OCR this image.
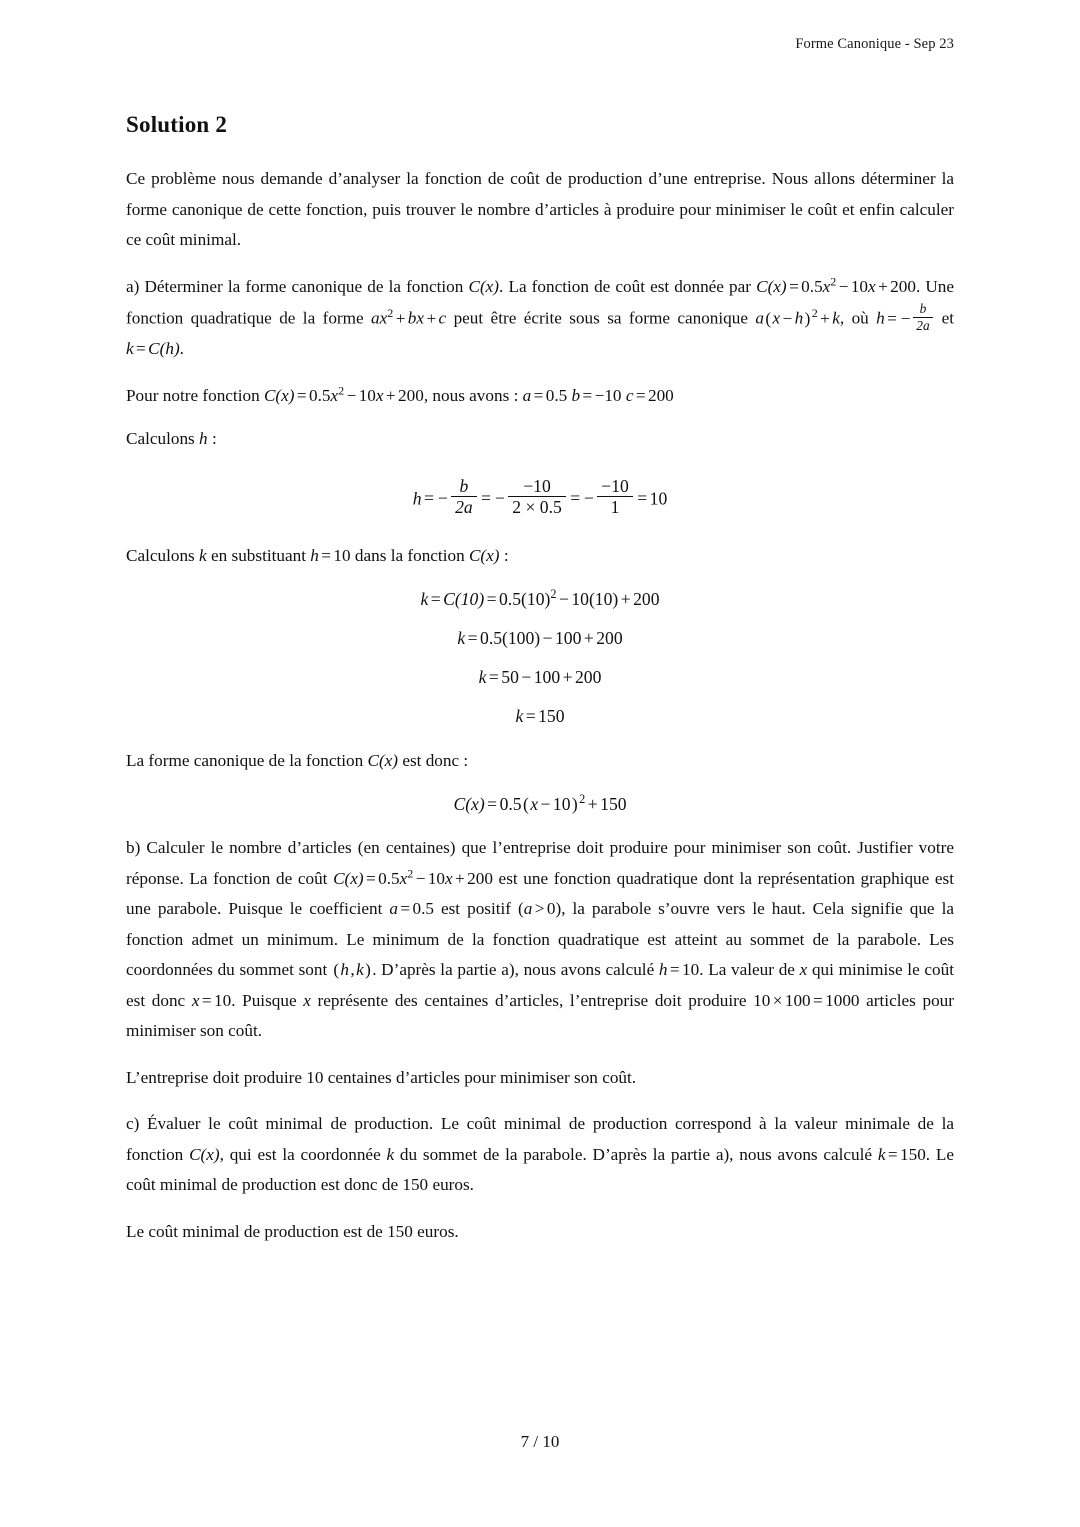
Forme Canonique - Sep 23
Solution 2

Ce problème nous demande d’analyser la fonction de coût de production d’une entreprise. Nous allons déterminer la forme canonique de cette fonction, puis trouver le nombre d’articles à produire pour minimiser le coût et enfin calculer ce coût minimal.

a) Déterminer la forme canonique de la fonction C(x). La fonction de coût est donnée par $C(x) = 0.5x^2 - 10x + 200$. Une fonction quadratique de la forme $ax^2$ + bx + c peut être écrite sous sa forme canonique $a(x - h)^2 + k$, où h = − $\frac{b}{2a}$ et k = C(h).

Pour notre fonction $C(x) = 0.5x^2 - 10x + 200$, nous avons : a = 0.5 b = −10 c = 200

Calculons h :

h = − $\frac{b}{2a}$ = − $\frac{-10}{2 \times 0.5}$ = − $\frac{-10}{1} = 10$

Calculons k en substituant h = 10 dans la fonction C(x) :

$k = C(10) = 0.5(10)^2 - 10(10) + 200$
k = 0.5(100) − 100 + 200
k = 50 − 100 + 200
k = 150

La forme canonique de la fonction C(x) est donc :

$C(x) = 0.5(x - 10)^2 + 150$

b) Calculer le nombre d’articles (en centaines) que l’entreprise doit produire pour minimiser son coût. Justifier votre réponse. La fonction de coût $C(x) = 0.5x^2 - 10x + 200$ est une fonction quadratique dont la représentation graphique est une parabole. Puisque le coefficient a = 0.5 est positif (a > 0), la parabole s’ouvre vers le haut. Cela signifie que la fonction admet un minimum. Le minimum de la fonction quadratique est atteint au sommet de la parabole. Les coordonnées du sommet sont (h,k). D’après la partie a), nous avons calculé h = 10. La valeur de x qui minimise le coût est donc x = 10. Puisque x représente des centaines d’articles, l’entreprise doit produire 10 × 100 = 1000 articles pour minimiser son coût.

L’entreprise doit produire 10 centaines d’articles pour minimiser son coût.

c) Évaluer le coût minimal de production. Le coût minimal de production correspond à la valeur minimale de la fonction C(x), qui est la coordonnée k du sommet de la parabole. D’après la partie a), nous avons calculé k = 150. Le coût minimal de production est donc de 150 euros.

Le coût minimal de production est de 150 euros.

7 / 10
